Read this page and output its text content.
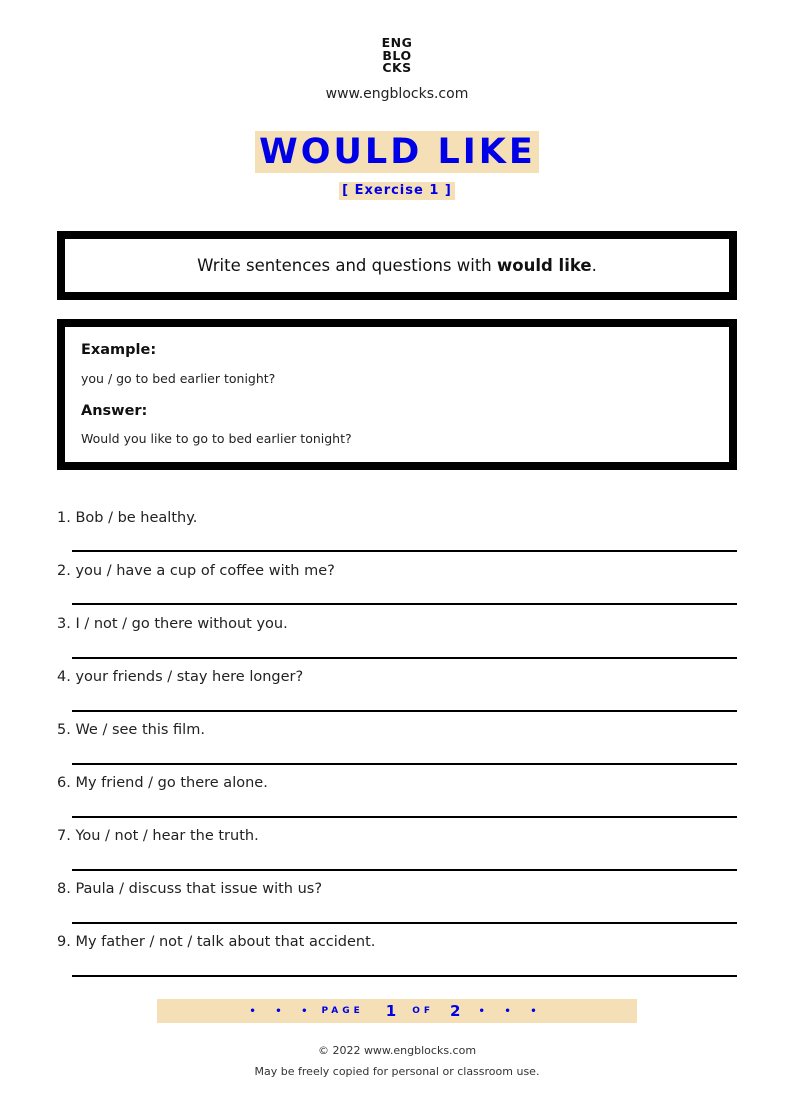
ENG
BLO
CKS
www.engblocks.com
WOULD LIKE
[ Exercise 1 ]
Write sentences and questions with would like.
Example:
you / go to bed earlier tonight?
Answer:
Would you like to go to bed earlier tonight?
1. Bob / be healthy.
2. you / have a cup of coffee with me?
3. I / not / go there without you.
4. your friends / stay here longer?
5. We / see this film.
6. My friend / go there alone.
7. You / not / hear the truth.
8. Paula / discuss that issue with us?
9. My father / not / talk about that accident.
• • • PAGE 1 OF 2 • • •
© 2022 www.engblocks.com
May be freely copied for personal or classroom use.
